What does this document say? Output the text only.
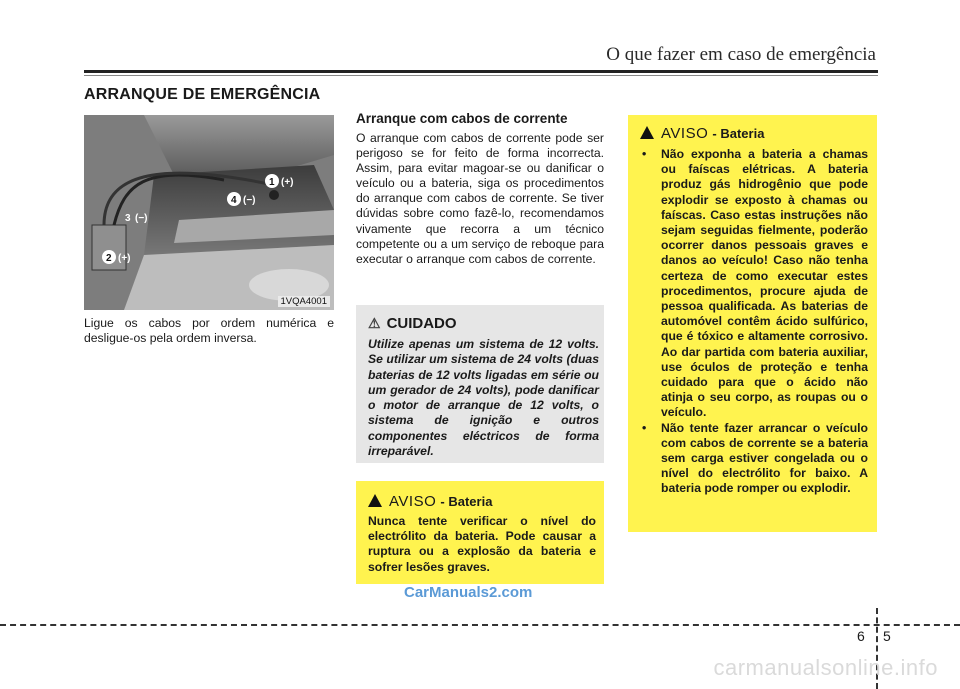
O que fazer em caso de emergência
ARRANQUE DE EMERGÊNCIA
1 (+)
2 (+)
3 (−)
4 (−)
1VQA4001
Ligue os cabos por ordem numérica e desligue-os pela ordem inversa.
Arranque com cabos de corrente
O arranque com cabos de corrente pode ser perigoso se for feito de forma incorrecta. Assim, para evitar magoar-se ou danificar o veículo ou a bateria, siga os procedimentos do arranque com cabos de corrente. Se tiver dúvidas sobre como fazê-lo, recomendamos vivamente que recorra a um técnico competente ou a um serviço de reboque para executar o arranque com cabos de corrente.
⚠ CUIDADO
Utilize apenas um sistema de 12 volts. Se utilizar um sistema de 24 volts (duas baterias de 12 volts ligadas em série ou um gerador de 24 volts), pode danificar o motor de arranque de 12 volts, o sistema de ignição e outros componentes eléctricos de forma irreparável.
AVISO - Bateria
Nunca tente verificar o nível do electrólito da bateria. Pode causar a ruptura ou a explosão da bateria e sofrer lesões graves.
AVISO - Bateria
• Não exponha a bateria a chamas ou faíscas elétricas. A bateria produz gás hidrogênio que pode explodir se exposto à chamas ou faíscas. Caso estas instruções não sejam seguidas fielmente, poderão ocorrer danos pessoais graves e danos ao veículo! Caso não tenha certeza de como executar estes procedimentos, procure ajuda de pessoa qualificada. As baterias de automóvel contêm ácido sulfúrico, que é tóxico e altamente corrosivo. Ao dar partida com bateria auxiliar, use óculos de proteção e tenha cuidado para que o ácido não atinja o seu corpo, as roupas ou o veículo.
• Não tente fazer arrancar o veículo com cabos de corrente se a bateria sem carga estiver congelada ou o nível do electrólito for baixo. A bateria pode romper ou explodir.
CarManuals2.com
6 5
carmanualsonline.info
